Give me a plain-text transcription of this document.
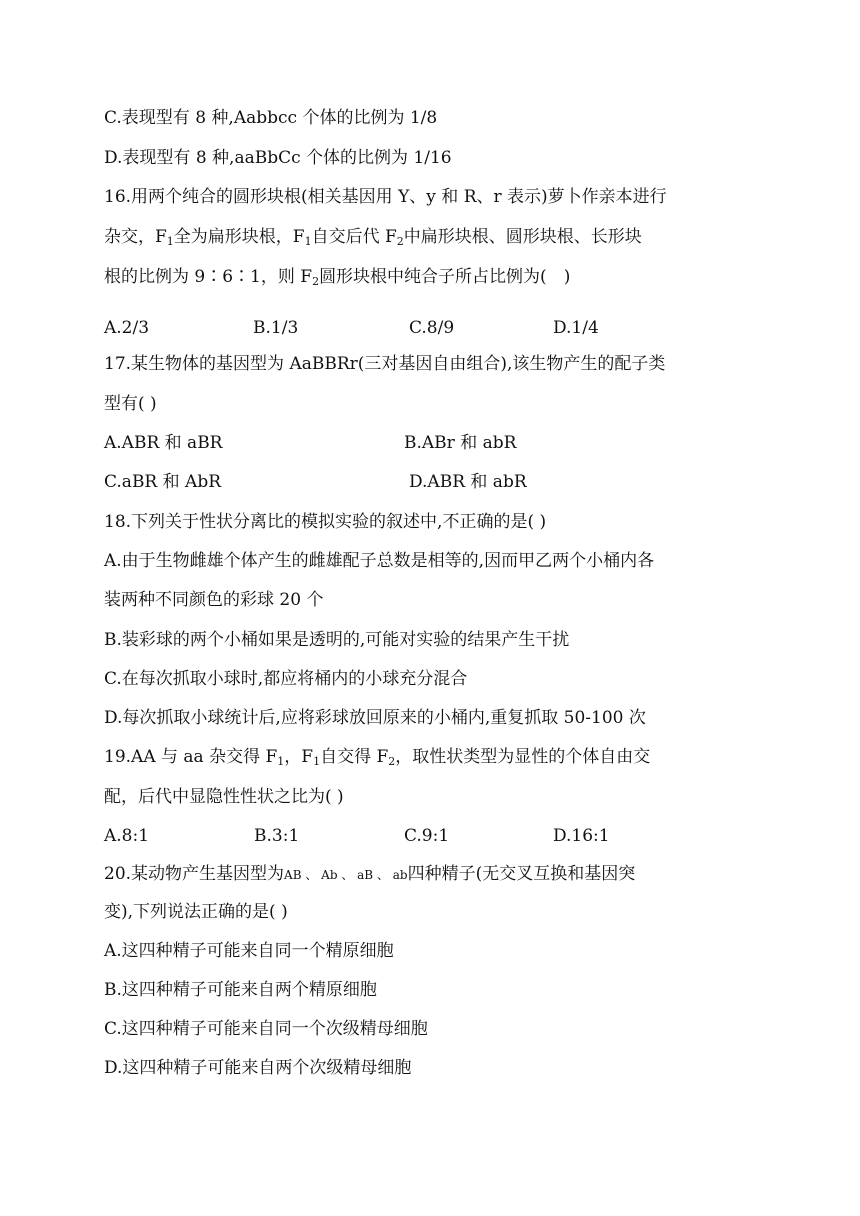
C.表现型有 8 种,Aabbcc 个体的比例为 1/8
D.表现型有 8 种,aaBbCc 个体的比例为 1/16
16.用两个纯合的圆形块根(相关基因用 Y、y 和 R、r 表示)萝卜作亲本进行
杂交，$F_1$全为扁形块根，$F_1$自交后代 $F_2$中扁形块根、圆形块根、长形块
根的比例为 9∶6∶1，则 $F_2$圆形块根中纯合子所占比例为(　)
A.2/3	B.1/3	C.8/9	D.1/4
17.某生物体的基因型为 AaBBRr(三对基因自由组合),该生物产生的配子类
型有( )
A.ABR 和 aBR	B.ABr 和 abR
C.aBR 和 AbR	D.ABR 和 abR
18.下列关于性状分离比的模拟实验的叙述中,不正确的是( )
A.由于生物雌雄个体产生的雌雄配子总数是相等的,因而甲乙两个小桶内各
装两种不同颜色的彩球 20 个
B.装彩球的两个小桶如果是透明的,可能对实验的结果产生干扰
C.在每次抓取小球时,都应将桶内的小球充分混合
D.每次抓取小球统计后,应将彩球放回原来的小桶内,重复抓取 50-100 次
19.AA 与 aa 杂交得 $F_1$，$F_1$自交得 $F_2$，取性状类型为显性的个体自由交
配，后代中显隐性性状之比为( )
A.8:1	B.3:1	C.9:1	D.16:1
20.某动物产生基因型为AB 、 Ab 、 aB 、 ab四种精子(无交叉互换和基因突
变),下列说法正确的是( )
A.这四种精子可能来自同一个精原细胞
B.这四种精子可能来自两个精原细胞
C.这四种精子可能来自同一个次级精母细胞
D.这四种精子可能来自两个次级精母细胞
